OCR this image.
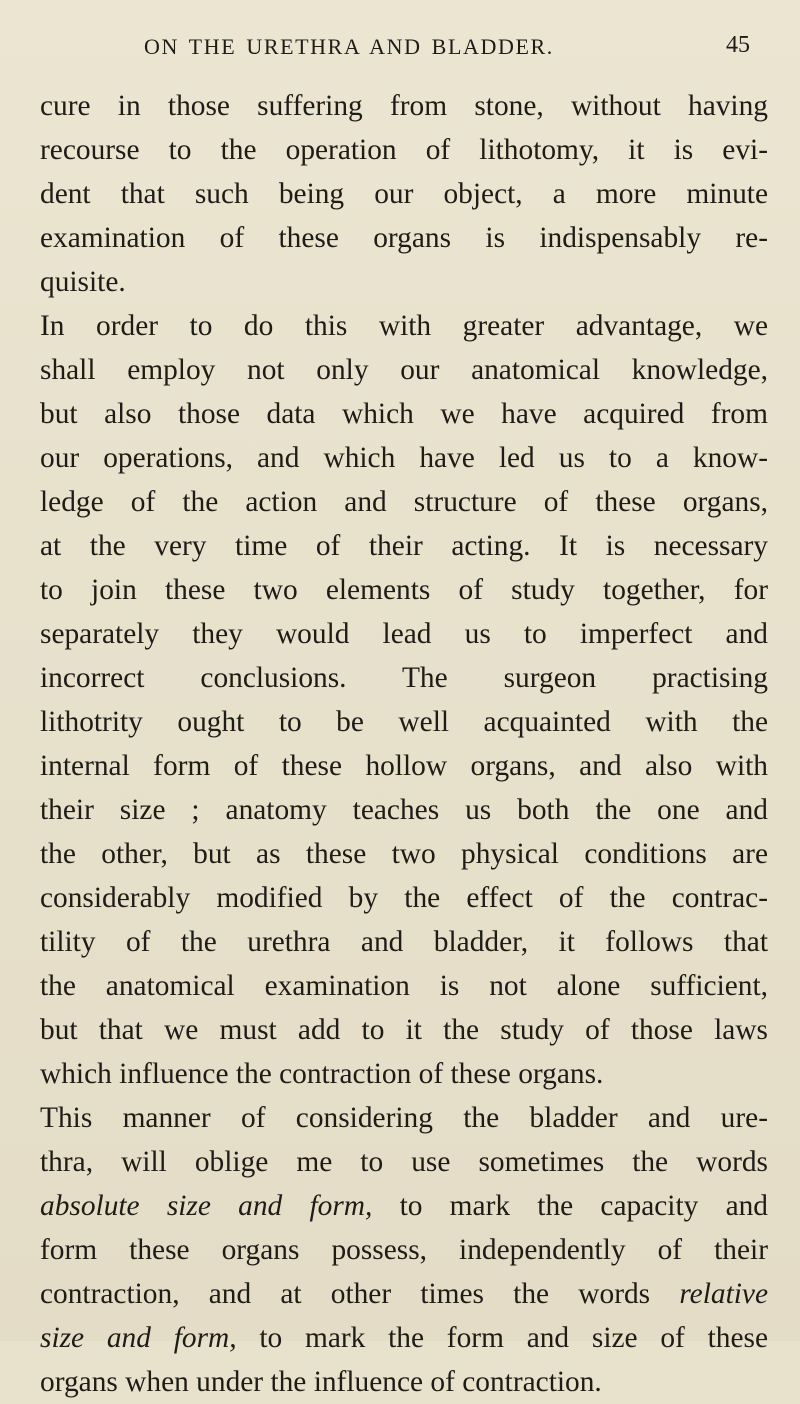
ON THE URETHRA AND BLADDER.	45
cure in those suffering from stone, without having
recourse to the operation of lithotomy, it is evi-
dent that such being our object, a more minute
examination of these organs is indispensably re-
quisite.
In order to do this with greater advantage, we
shall employ not only our anatomical knowledge,
but also those data which we have acquired from
our operations, and which have led us to a know-
ledge of the action and structure of these organs,
at the very time of their acting. It is necessary
to join these two elements of study together, for
separately they would lead us to imperfect and
incorrect conclusions. The surgeon practising
lithotrity ought to be well acquainted with the
internal form of these hollow organs, and also with
their size ; anatomy teaches us both the one and
the other, but as these two physical conditions are
considerably modified by the effect of the contrac-
tility of the urethra and bladder, it follows that
the anatomical examination is not alone sufficient,
but that we must add to it the study of those laws
which influence the contraction of these organs.
This manner of considering the bladder and ure-
thra, will oblige me to use sometimes the words
absolute size and form, to mark the capacity and
form these organs possess, independently of their
contraction, and at other times the words relative
size and form, to mark the form and size of these
organs when under the influence of contraction.
